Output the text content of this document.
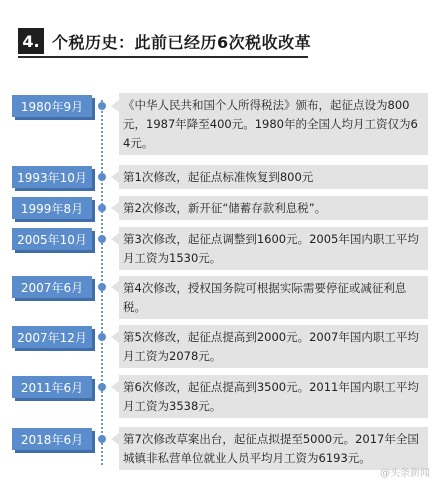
4. 个税历史：此前已经历6次税收改革
1980年9月	《中华人民共和国个人所得税法》颁布，起征点设为800元，1987年降至400元。1980年的全国人均月工资仅为64元。
1993年10月	第1次修改，起征点标准恢复到800元
1999年8月	第2次修改，新开征“储蓄存款利息税”。
2005年10月	第3次修改，起征点调整到1600元。2005年国内职工平均月工资为1530元。
2007年6月	第4次修改，授权国务院可根据实际需要停征或减征利息税。
2007年12月	第5次修改，起征点提高到2000元。2007年国内职工平均月工资为2078元。
2011年6月	第6次修改，起征点提高到3500元。2011年国内职工平均月工资为3538元。
2018年6月	第7次修改草案出台，起征点拟提至5000元。2017年全国城镇非私营单位就业人员平均月工资为6193元。
@头条新闻
